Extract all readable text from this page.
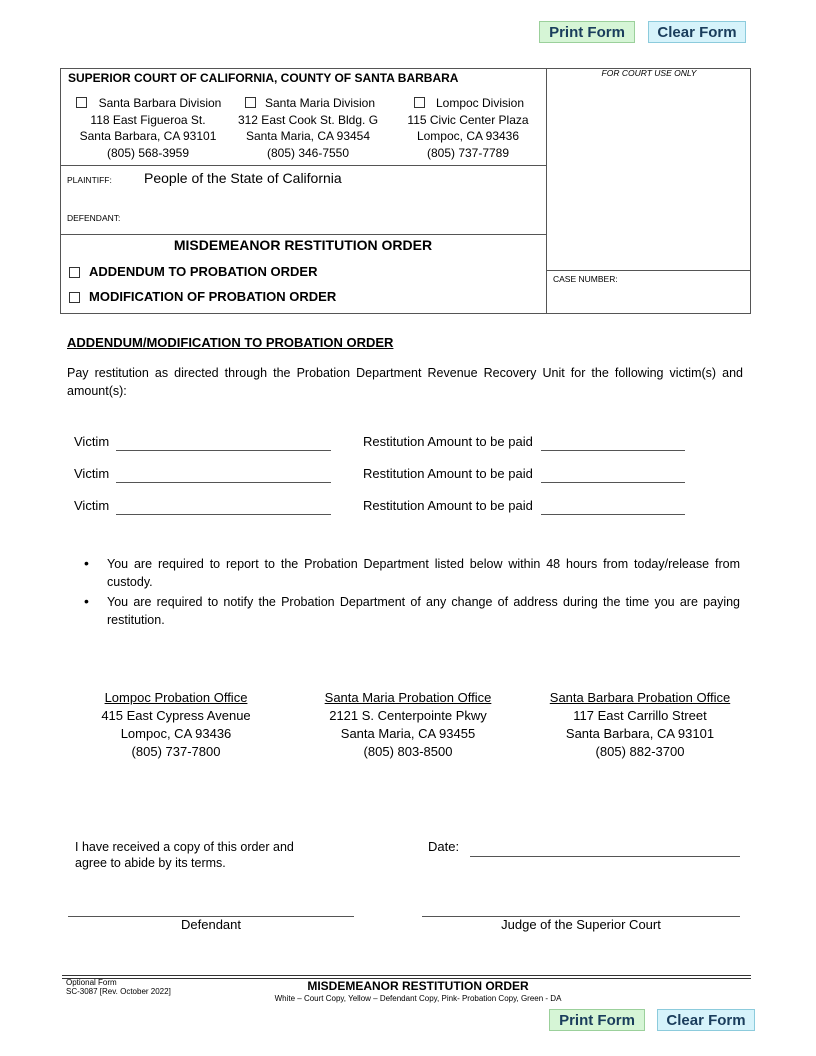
Print Form	Clear Form
SUPERIOR COURT OF CALIFORNIA, COUNTY OF SANTA BARBARA	FOR COURT USE ONLY
CASE NUMBER:
Santa Barbara Division
118 East Figueroa St.
Santa Barbara, CA 93101
(805) 568-3959
Santa Maria Division
312 East Cook St. Bldg. G
Santa Maria, CA 93454
(805) 346-7550
Lompoc Division
115 Civic Center Plaza
Lompoc, CA 93436
(805) 737-7789
PLAINTIFF: People of the State of California
DEFENDANT:
MISDEMEANOR RESTITUTION ORDER
ADDENDUM TO PROBATION ORDER
MODIFICATION OF PROBATION ORDER
ADDENDUM/MODIFICATION TO PROBATION ORDER
Pay restitution as directed through the Probation Department Revenue Recovery Unit for the following victim(s) and amount(s):
Victim	Restitution Amount to be paid
Victim	Restitution Amount to be paid
Victim	Restitution Amount to be paid
• You are required to report to the Probation Department listed below within 48 hours from today/release from custody.
• You are required to notify the Probation Department of any change of address during the time you are paying restitution.
Lompoc Probation Office
415 East Cypress Avenue
Lompoc, CA 93436
(805) 737-7800
Santa Maria Probation Office
2121 S. Centerpointe Pkwy
Santa Maria, CA 93455
(805) 803-8500
Santa Barbara Probation Office
117 East Carrillo Street
Santa Barbara, CA 93101
(805) 882-3700
I have received a copy of this order and agree to abide by its terms.
Date:
Defendant	Judge of the Superior Court
Optional Form
SC-3087 [Rev. October 2022]	MISDEMEANOR RESTITUTION ORDER
White – Court Copy, Yellow – Defendant Copy, Pink- Probation Copy, Green - DA
Print Form	Clear Form
